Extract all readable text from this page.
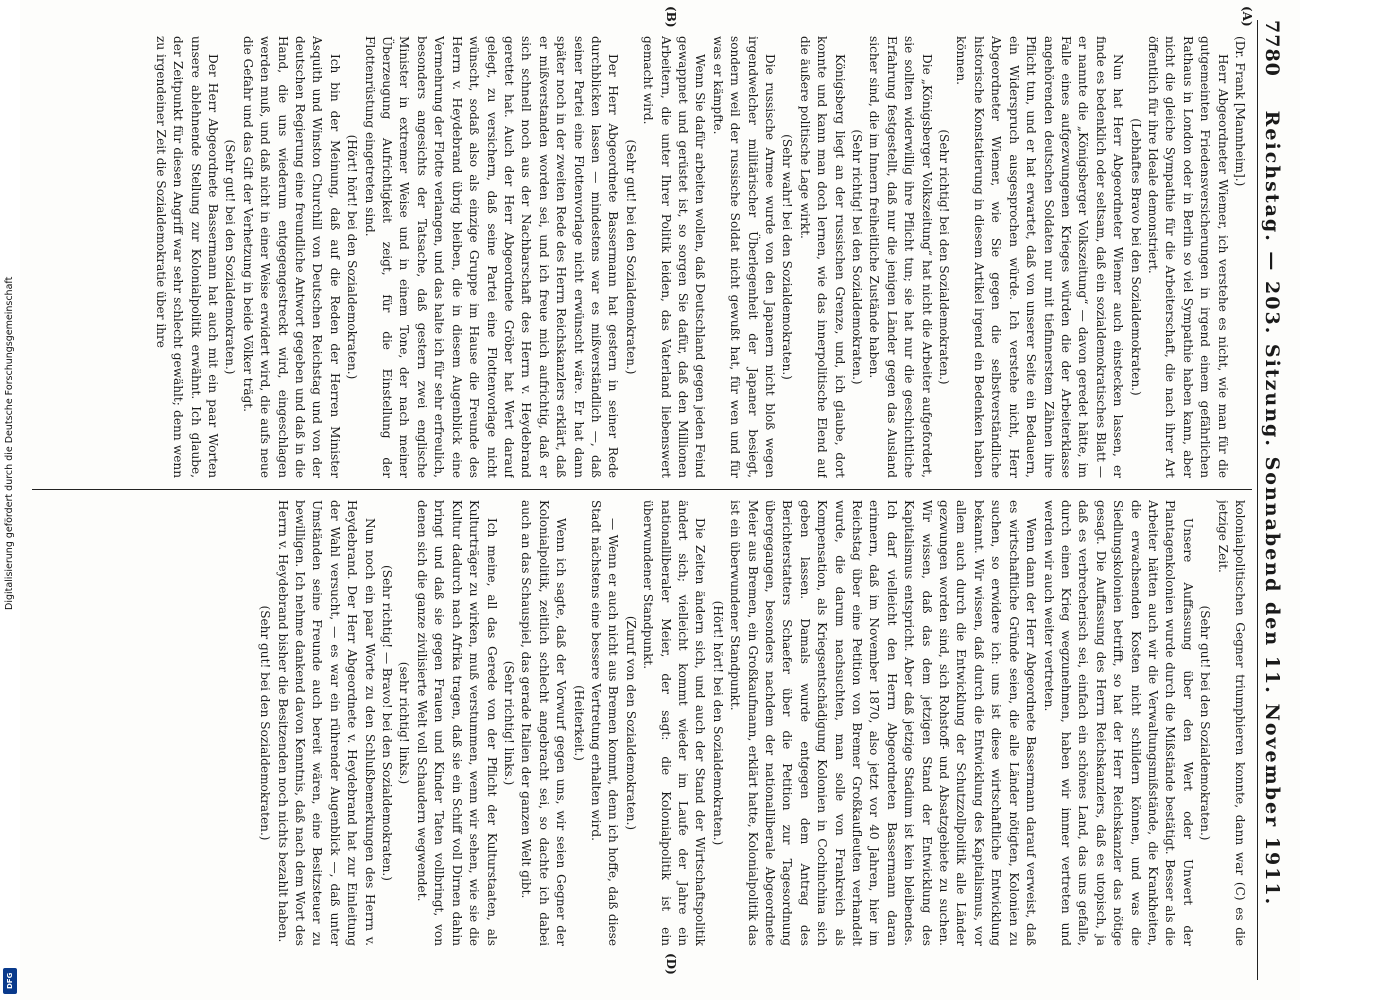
Digitalisierung gefördert durch die Deutsche Forschungsgemeinschaft
DFG
7780
Reichstag. — 203. Sitzung. Sonnabend den 11. November 1911.
(A)
(B)
(D)

(Dr. Frank [Mannheim].)

Herr Abgeordneter Wiemer, ich verstehe es nicht, wie man für die gutgemeinten Friedensversicherungen in irgend einem gefährlichen Rathaus in London oder in Berlin so viel Sympathie haben kann, aber nicht die gleiche Sympathie für die Arbeiterschaft, die nach ihrer Art öffentlich für ihre Ideale demonstriert.

(Lebhaftes Bravo bei den Sozialdemokraten.)

Nun hat Herr Abgeordneter Wiemer auch einstecken lassen, er finde es bedenklich oder seltsam, daß ein sozialdemokratisches Blatt — er nannte die „Königsberger Volkszeitung“ — davon geredet hätte, im Falle eines aufgezwungenen Krieges würden die der Arbeiterklasse angehörenden deutschen Soldaten nur mit tiefinnerstem Zähnen ihre Pflicht tun, und er hat erwartet, daß von unserer Seite ein Bedauern, ein Widerspruch ausgesprochen würde. Ich verstehe nicht, Herr Abgeordneter Wiemer, wie Sie gegen die selbstverständliche historische Konstatierung in diesem Artikel irgend ein Bedenken haben können.

(Sehr richtig! bei den Sozialdemokraten.)

Die „Königsberger Volkszeitung“ hat nicht die Arbeiter aufgefordert, sie sollten widerwillig ihre Pflicht tun; sie hat nur die geschichtliche Erfahrung festgestellt, daß nur die jenigen Länder gegen das Ausland sicher sind, die im Innern freiheitliche Zustände haben.

(Sehr richtig! bei den Sozialdemokraten.)

Königsberg liegt an der russischen Grenze, und, ich glaube, dort konnte und kann man doch lernen, wie das innerpolitische Elend auf die äußere politische Lage wirkt.

(Sehr wahr! bei den Sozialdemokraten.)

Die russische Armee wurde von den Japanern nicht bloß wegen irgendwelcher militärischer Überlegenheit der Japaner besiegt, sondern weil der russische Soldat nicht gewußt hat, für wen und für was er kämpfte.

Wenn Sie dafür arbeiten wollen, daß Deutschland gegen jeden Feind gewappnet und gerüstet ist, so sorgen Sie dafür, daß den Millionen Arbeitern, die unter Ihrer Politik leiden, das Vaterland liebenswert gemacht wird.

(Sehr gut! bei den Sozialdemokraten.)

Der Herr Abgeordnete Bassermann hat gestern in seiner Rede durchblicken lassen — mindestens war es mißverständlich —, daß seiner Partei eine Flottenvorlage nicht erwünscht wäre. Er hat dann später noch in der zweiten Rede des Herrn Reichskanzlers erklärt, daß er mißverstanden worden sei, und ich freue mich aufrichtig, daß er sich schnell noch aus der Nachbarschaft des Herrn v. Heydebrand gerettet hat. Auch der Herr Abgeordnete Gröber hat Wert darauf gelegt, zu versichern, daß seine Partei eine Flottenvorlage nicht wünscht, sodaß also als einzige Gruppe im Hause die Freunde des Herrn v. Heydebrand übrig bleiben, die in diesem Augenblick eine Vermehrung der Flotte verlangen, und das halte ich für sehr erfreulich, besonders angesichts der Tatsache, daß gestern zwei englische Minister in extremer Weise und in einem Tone, der nach meiner Überzeugung Aufrichtigkeit zeigt, für die Einstellung der Flottenrüstung eingetreten sind.

(Hört! hört! bei den Sozialdemokraten.)

Ich bin der Meinung, daß auf die Reden der Herren Minister Asquith und Winston Churchill von Deutschen Reichstag und von der deutschen Regierung eine freundliche Antwort gegeben und daß in die Hand, die uns wiederum entgegengestreckt wird, eingeschlagen werden muß, und daß nicht in einer Weise erwidert wird, die aufs neue die Gefahr und das Gift der Verhetzung in beide Völker trägt.

(Sehr gut! bei den Sozialdemokraten.)

Der Herr Abgeordnete Bassermann hat auch mit ein paar Worten unsere ablehnende Stellung zur Kolonialpolitik erwähnt. Ich glaube, der Zeitpunkt für diesen Angriff war sehr schlecht gewählt; denn wenn zu irgendeiner Zeit die Sozialdemokratie über ihre

kolonialpolitischen Gegner triumphieren konnte, dann war (C) es die jetzige Zeit.

(Sehr gut! bei den Sozialdemokraten.)

Unsere Auffassung über den Wert oder Unwert der Plantagenkolonien wurde durch die Mißstände bestätigt. Besser als die Arbeiter hätten auch wir die Verwaltungsmißstände, die Krankheiten, die erwachsenden Kosten nicht schildern können, und was die Siedlungskolonien betrifft, so hat der Herr Reichskanzler das nötige gesagt. Die Auffassung des Herrn Reichskanzlers, daß es utopisch, ja daß es verbrecherisch sei, einfach ein schönes Land, das uns gefalle, durch einen Krieg wegzunehmen, haben wir immer vertreten und werden wir auch weiter vertreten.

Wenn dann der Herr Abgeordnete Bassermann darauf verweist, daß es wirtschaftliche Gründe seien, die alle Länder nötigten, Kolonien zu suchen, so erwidere ich: uns ist diese wirtschaftliche Entwicklung bekannt. Wir wissen, daß durch die Entwicklung des Kapitalismus, vor allem auch durch die Entwicklung der Schutzzollpolitik alle Länder gezwungen worden sind, sich Rohstoff- und Absatzgebiete zu suchen. Wir wissen, daß das dem jetzigen Stand der Entwicklung des Kapitalismus entspricht. Aber daß jetzige Stadium ist kein bleibendes. Ich darf vielleicht den Herrn Abgeordneten Bassermann daran erinnern, daß im November 1870, also jetzt vor 40 Jahren, hier im Reichstag über eine Petition von Bremer Großkaufleuten verhandelt wurde, die darum nachsuchten, man solle von Frankreich als Kompensation, als Kriegsentschädigung Kolonien in Cochinchina sich geben lassen. Damals wurde entgegen dem Antrag des Berichterstatters Schaefer über die Petition zur Tagesordnung übergegangen, besonders nachdem der nationalliberale Abgeordnete Meier aus Bremen, ein Großkaufmann, erklärt hatte, Kolonialpolitik das ist ein überwundener Standpunkt.

(Hört! hört! bei den Sozialdemokraten.)

Die Zeiten ändern sich, und auch der Stand der Wirtschaftspolitik ändert sich; vielleicht kommt wieder im Laufe der Jahre ein nationalliberaler Meier, der sagt: die Kolonialpolitik ist ein überwundener Standpunkt.

(Zuruf von den Sozialdemokraten.)

— Wenn er auch nicht aus Bremen kommt, denn ich hoffe, daß diese Stadt nächstens eine bessere Vertretung erhalten wird.

(Heiterkeit.)

Wenn ich sagte, daß der Vorwurf gegen uns, wir seien Gegner der Kolonialpolitik, zeitlich schlecht angebracht sei, so dachte ich dabei auch an das Schauspiel, das gerade Italien der ganzen Welt gibt.

(Sehr richtig! links.)

Ich meine, all das Gerede von der Pflicht der Kulturstaaten, als Kulturträger zu wirken, muß verstummen, wenn wir sehen, wie sie die Kultur dadurch nach Afrika tragen, daß sie ein Schiff voll Dirnen dahin bringt und daß sie gegen Frauen und Kinder Taten vollbringt, von denen sich die ganze zivilisierte Welt voll Schaudern wegwendet.

(sehr richtig! links.)

(Sehr richtig! — Bravo! bei den Sozialdemokraten.)

Nun noch ein paar Worte zu den Schlußbemerkungen des Herrn v. Heydebrand. Der Herr Abgeordnete v. Heydebrand hat zur Einleitung der Wahl versucht, — es war ein rührender Augenblick —, daß unter Umständen seine Freunde auch bereit wären, eine Besitzsteuer zu bewilligen. Ich nehme dankend davon Kenntnis, daß nach dem Wort des Herrn v. Heydebrand bisher die Besitzenden noch nichts bezahlt haben.

(Sehr gut! bei den Sozialdemokraten.)
